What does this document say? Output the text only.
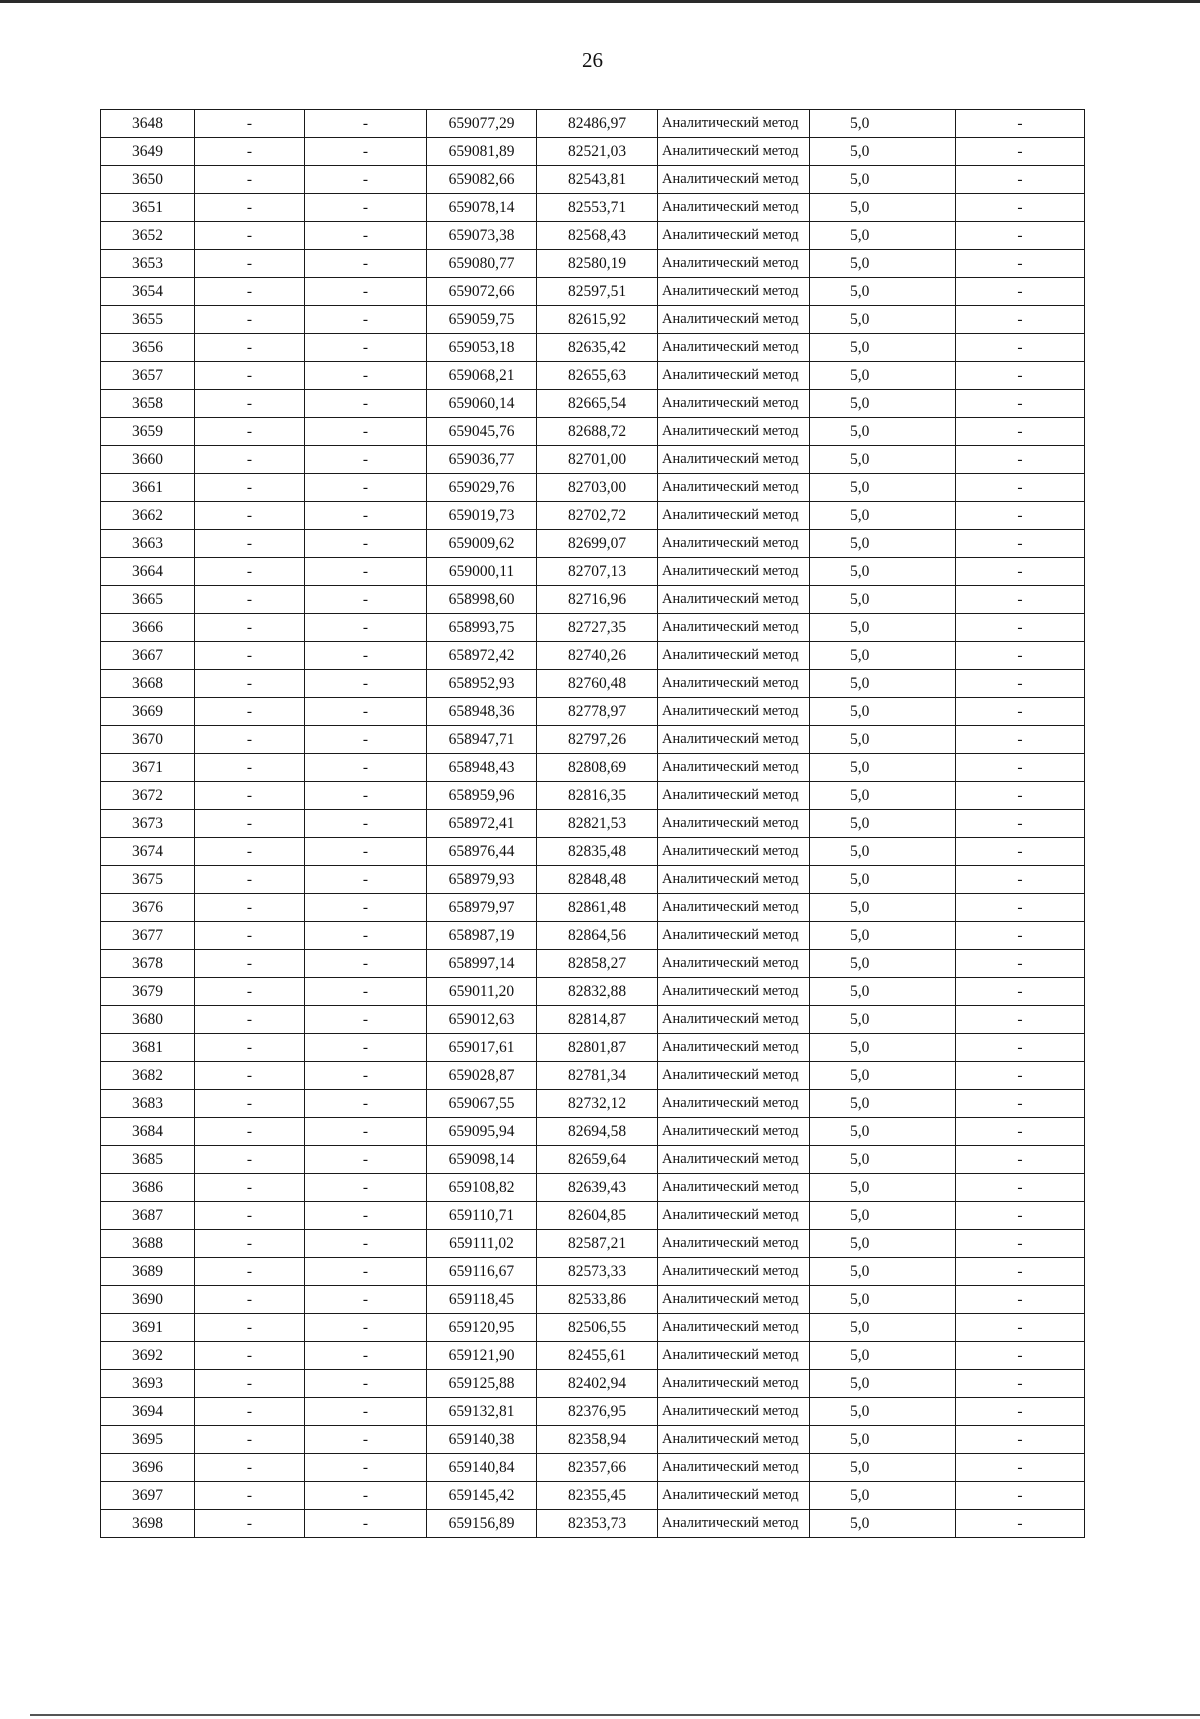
26
3648	-	-	659077,29	82486,97	Аналитический метод	5,0	-
3649	-	-	659081,89	82521,03	Аналитический метод	5,0	-
3650	-	-	659082,66	82543,81	Аналитический метод	5,0	-
3651	-	-	659078,14	82553,71	Аналитический метод	5,0	-
3652	-	-	659073,38	82568,43	Аналитический метод	5,0	-
3653	-	-	659080,77	82580,19	Аналитический метод	5,0	-
3654	-	-	659072,66	82597,51	Аналитический метод	5,0	-
3655	-	-	659059,75	82615,92	Аналитический метод	5,0	-
3656	-	-	659053,18	82635,42	Аналитический метод	5,0	-
3657	-	-	659068,21	82655,63	Аналитический метод	5,0	-
3658	-	-	659060,14	82665,54	Аналитический метод	5,0	-
3659	-	-	659045,76	82688,72	Аналитический метод	5,0	-
3660	-	-	659036,77	82701,00	Аналитический метод	5,0	-
3661	-	-	659029,76	82703,00	Аналитический метод	5,0	-
3662	-	-	659019,73	82702,72	Аналитический метод	5,0	-
3663	-	-	659009,62	82699,07	Аналитический метод	5,0	-
3664	-	-	659000,11	82707,13	Аналитический метод	5,0	-
3665	-	-	658998,60	82716,96	Аналитический метод	5,0	-
3666	-	-	658993,75	82727,35	Аналитический метод	5,0	-
3667	-	-	658972,42	82740,26	Аналитический метод	5,0	-
3668	-	-	658952,93	82760,48	Аналитический метод	5,0	-
3669	-	-	658948,36	82778,97	Аналитический метод	5,0	-
3670	-	-	658947,71	82797,26	Аналитический метод	5,0	-
3671	-	-	658948,43	82808,69	Аналитический метод	5,0	-
3672	-	-	658959,96	82816,35	Аналитический метод	5,0	-
3673	-	-	658972,41	82821,53	Аналитический метод	5,0	-
3674	-	-	658976,44	82835,48	Аналитический метод	5,0	-
3675	-	-	658979,93	82848,48	Аналитический метод	5,0	-
3676	-	-	658979,97	82861,48	Аналитический метод	5,0	-
3677	-	-	658987,19	82864,56	Аналитический метод	5,0	-
3678	-	-	658997,14	82858,27	Аналитический метод	5,0	-
3679	-	-	659011,20	82832,88	Аналитический метод	5,0	-
3680	-	-	659012,63	82814,87	Аналитический метод	5,0	-
3681	-	-	659017,61	82801,87	Аналитический метод	5,0	-
3682	-	-	659028,87	82781,34	Аналитический метод	5,0	-
3683	-	-	659067,55	82732,12	Аналитический метод	5,0	-
3684	-	-	659095,94	82694,58	Аналитический метод	5,0	-
3685	-	-	659098,14	82659,64	Аналитический метод	5,0	-
3686	-	-	659108,82	82639,43	Аналитический метод	5,0	-
3687	-	-	659110,71	82604,85	Аналитический метод	5,0	-
3688	-	-	659111,02	82587,21	Аналитический метод	5,0	-
3689	-	-	659116,67	82573,33	Аналитический метод	5,0	-
3690	-	-	659118,45	82533,86	Аналитический метод	5,0	-
3691	-	-	659120,95	82506,55	Аналитический метод	5,0	-
3692	-	-	659121,90	82455,61	Аналитический метод	5,0	-
3693	-	-	659125,88	82402,94	Аналитический метод	5,0	-
3694	-	-	659132,81	82376,95	Аналитический метод	5,0	-
3695	-	-	659140,38	82358,94	Аналитический метод	5,0	-
3696	-	-	659140,84	82357,66	Аналитический метод	5,0	-
3697	-	-	659145,42	82355,45	Аналитический метод	5,0	-
3698	-	-	659156,89	82353,73	Аналитический метод	5,0	-
